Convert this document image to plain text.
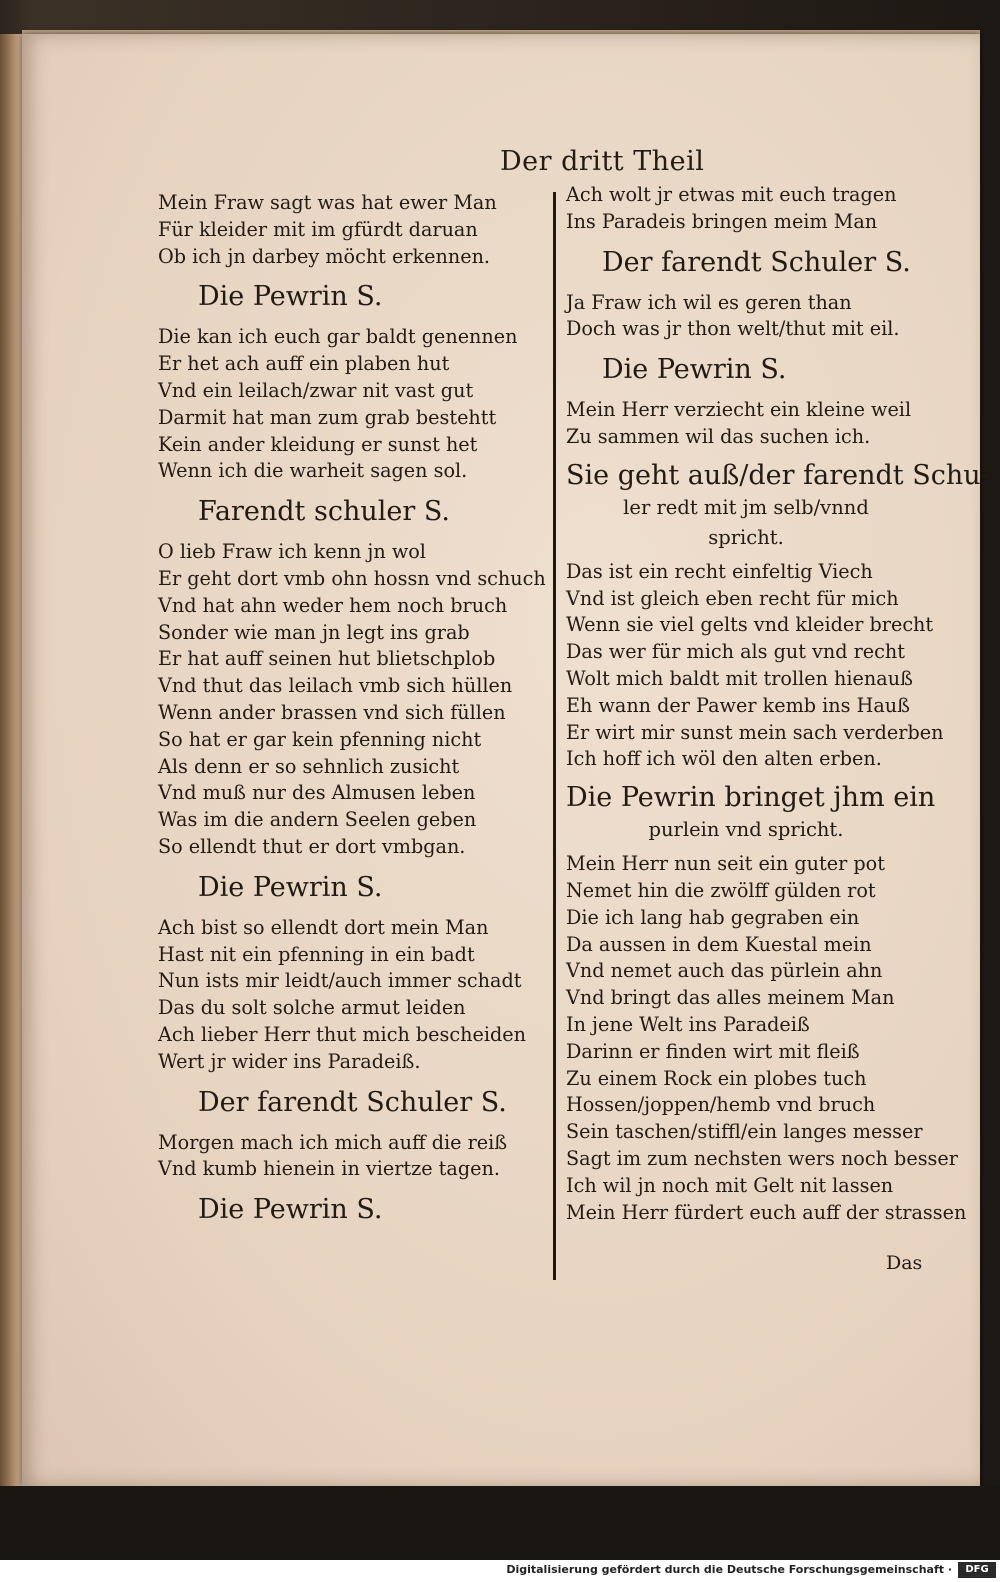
Der dritt Theil
Mein Fraw sagt was hat ewer Man
Für kleider mit im gfürdt daruan
Ob ich jn darbey möcht erkennen.
Die Pewrin S.
Die kan ich euch gar baldt genennen
Er het ach auff ein plaben hut
Vnd ein leilach/zwar nit vast gut
Darmit hat man zum grab bestehtt
Kein ander kleidung er sunst het
Wenn ich die warheit sagen sol.
Farendt schuler S.
O lieb Fraw ich kenn jn wol
Er geht dort vmb ohn hossn vnd schuch
Vnd hat ahn weder hem noch bruch
Sonder wie man jn legt ins grab
Er hat auff seinen hut blietschplob
Vnd thut das leilach vmb sich hüllen
Wenn ander brassen vnd sich füllen
So hat er gar kein pfenning nicht
Als denn er so sehnlich zusicht
Vnd muß nur des Almusen leben
Was im die andern Seelen geben
So ellendt thut er dort vmbgan.
Die Pewrin S.
Ach bist so ellendt dort mein Man
Hast nit ein pfenning in ein badt
Nun ists mir leidt/auch immer schadt
Das du solt solche armut leiden
Ach lieber Herr thut mich bescheiden
Wert jr wider ins Paradeiß.
Der farendt Schuler S.
Morgen mach ich mich auff die reiß
Vnd kumb hienein in viertze tagen.
Die Pewrin S.
Ach wolt jr etwas mit euch tragen
Ins Paradeis bringen meim Man
Der farendt Schuler S.
Ja Fraw ich wil es geren than
Doch was jr thon welt/thut mit eil.
Die Pewrin S.
Mein Herr verziecht ein kleine weil
Zu sammen wil das suchen ich.
Sie geht auß/der farendt Schu-
ler redt mit jm selb/vnnd
spricht.
Das ist ein recht einfeltig Viech
Vnd ist gleich eben recht für mich
Wenn sie viel gelts vnd kleider brecht
Das wer für mich als gut vnd recht
Wolt mich baldt mit trollen hienauß
Eh wann der Pawer kemb ins Hauß
Er wirt mir sunst mein sach verderben
Ich hoff ich wöl den alten erben.
Die Pewrin bringet jhm ein
purlein vnd spricht.
Mein Herr nun seit ein guter pot
Nemet hin die zwölff gülden rot
Die ich lang hab gegraben ein
Da aussen in dem Kuestal mein
Vnd nemet auch das pürlein ahn
Vnd bringt das alles meinem Man
In jene Welt ins Paradeiß
Darinn er finden wirt mit fleiß
Zu einem Rock ein plobes tuch
Hossen/joppen/hemb vnd bruch
Sein taschen/stiffl/ein langes messer
Sagt im zum nechsten wers noch besser
Ich wil jn noch mit Gelt nit lassen
Mein Herr fürdert euch auff der strassen
Das
Digitalisierung gefördert durch die Deutsche Forschungsgemeinschaft ·	DFG
